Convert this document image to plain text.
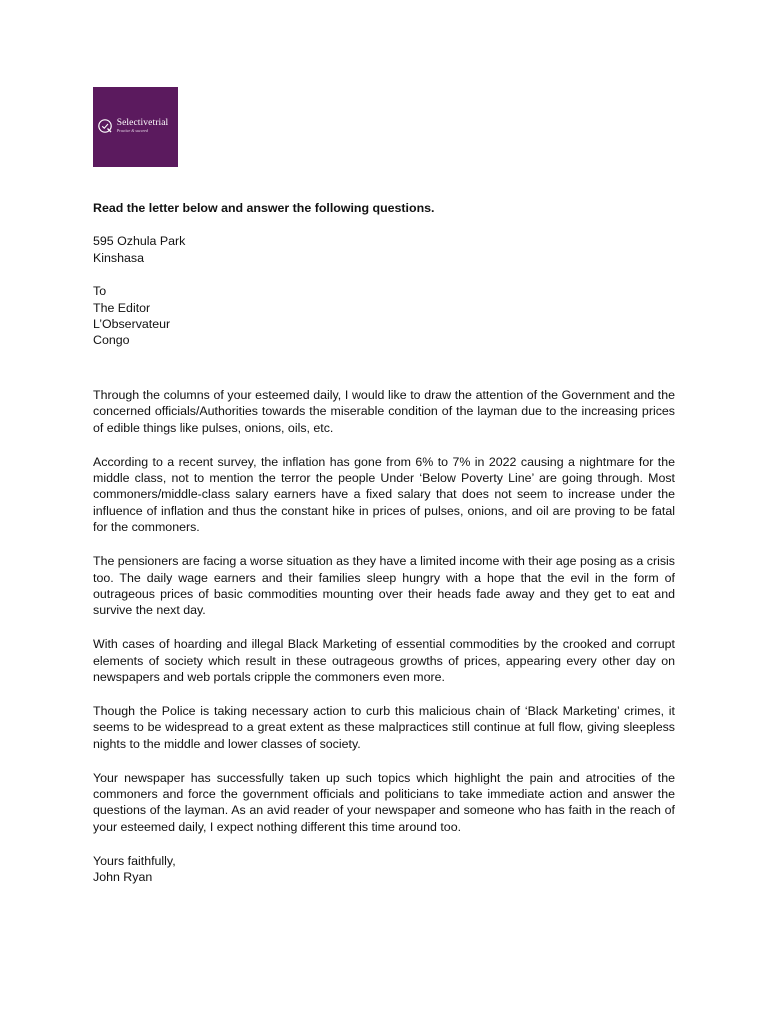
Selectivetrial
Practice & succeed

Read the letter below and answer the following questions.

595 Ozhula Park
Kinshasa
To
The Editor
L’Observateur
Congo

Through the columns of your esteemed daily, I would like to draw the attention of the Government and the concerned officials/Authorities towards the miserable condition of the layman due to the increasing prices of edible things like pulses, onions, oils, etc.

According to a recent survey, the inflation has gone from 6% to 7% in 2022 causing a nightmare for the middle class, not to mention the terror the people Under ‘Below Poverty Line’ are going through. Most commoners/middle-class salary earners have a fixed salary that does not seem to increase under the influence of inflation and thus the constant hike in prices of pulses, onions, and oil are proving to be fatal for the commoners.

The pensioners are facing a worse situation as they have a limited income with their age posing as a crisis too. The daily wage earners and their families sleep hungry with a hope that the evil in the form of outrageous prices of basic commodities mounting over their heads fade away and they get to eat and survive the next day.

With cases of hoarding and illegal Black Marketing of essential commodities by the crooked and corrupt elements of society which result in these outrageous growths of prices, appearing every other day on newspapers and web portals cripple the commoners even more.

Though the Police is taking necessary action to curb this malicious chain of ‘Black Marketing’ crimes, it seems to be widespread to a great extent as these malpractices still continue at full flow, giving sleepless nights to the middle and lower classes of society.

Your newspaper has successfully taken up such topics which highlight the pain and atrocities of the commoners and force the government officials and politicians to take immediate action and answer the questions of the layman. As an avid reader of your newspaper and someone who has faith in the reach of your esteemed daily, I expect nothing different this time around too.

Yours faithfully,
John Ryan
